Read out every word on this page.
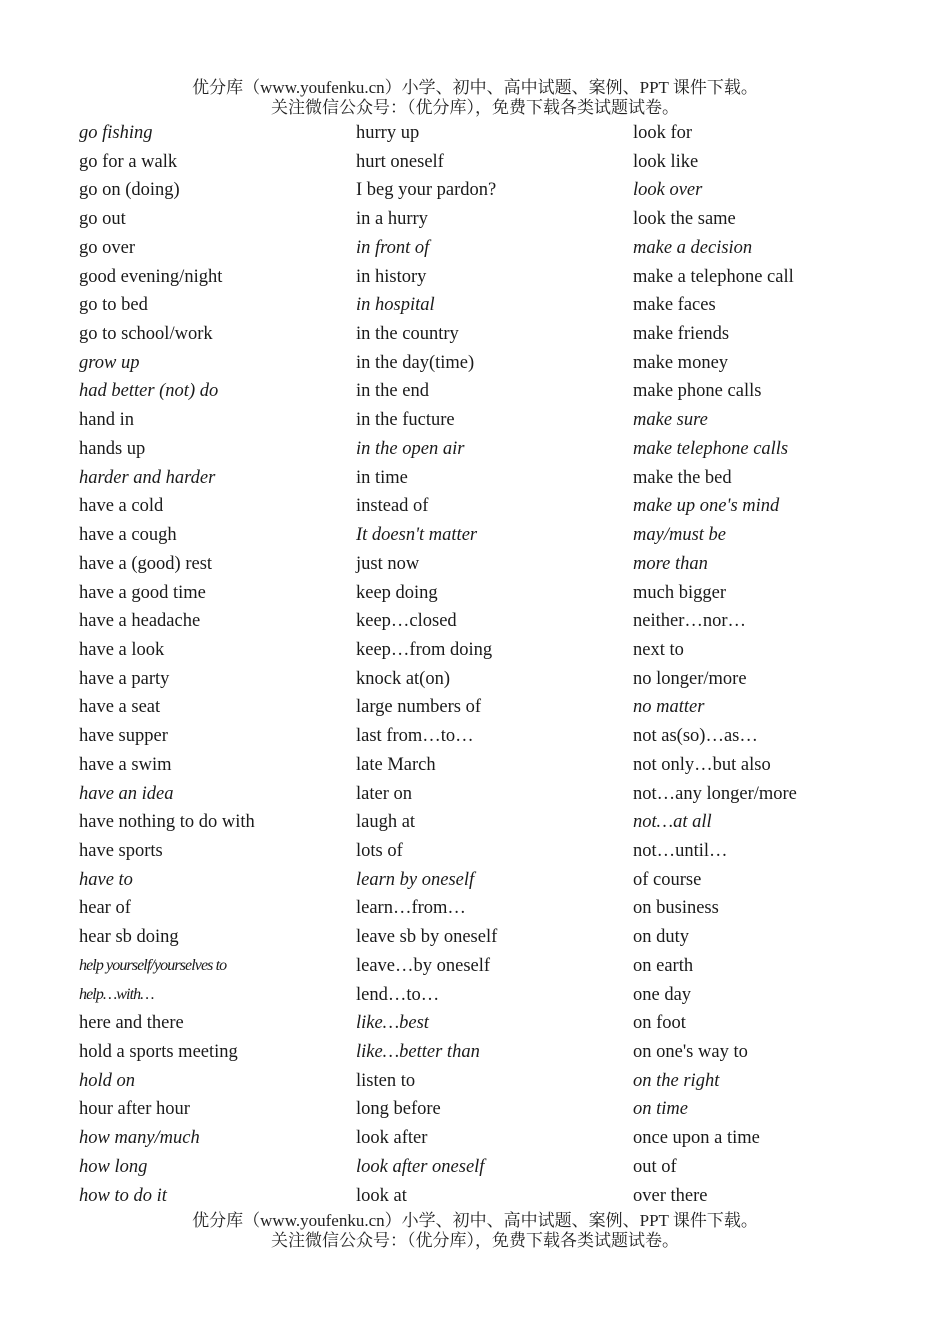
优分库（www.youfenku.cn）小学、初中、高中试题、案例、PPT 课件下载。
关注微信公众号：（优分库），免费下载各类试题试卷。
go fishing
go for a walk
go on (doing)
go out
go over
good evening/night
go to bed
go to school/work
grow up
had better (not) do
hand in
hands up
harder and harder
have a cold
have a cough
have a (good) rest
have a good time
have a headache
have a look
have a party
have a seat
have supper
have a swim
have an idea
have nothing to do with
have sports
have to
hear of
hear sb doing
help yourself/yourselves to
help…with…
here and there
hold a sports meeting
hold on
hour after hour
how many/much
how long
how to do it
hurry up
hurt oneself
I beg your pardon?
in a hurry
in front of
in history
in hospital
in the country
in the day(time)
in the end
in the fucture
in the open air
in time
instead of
It doesn't matter
just now
keep doing
keep…closed
keep…from doing
knock at(on)
large numbers of
last from…to…
late March
later on
laugh at
lots of
learn by oneself
learn…from…
leave sb by oneself
leave…by oneself
lend…to…
like…best
like…better than
listen to
long before
look after
look after oneself
look at
look for
look like
look over
look the same
make a decision
make a telephone call
make faces
make friends
make money
make phone calls
make sure
make telephone calls
make the bed
make up one's mind
may/must be
more than
much bigger
neither…nor…
next to
no longer/more
no matter
not as(so)…as…
not only…but also
not…any longer/more
not…at all
not…until…
of course
on business
on duty
on earth
one day
on foot
on one's way to
on the right
on time
once upon a time
out of
over there
优分库（www.youfenku.cn）小学、初中、高中试题、案例、PPT 课件下载。
关注微信公众号：（优分库），免费下载各类试题试卷。
